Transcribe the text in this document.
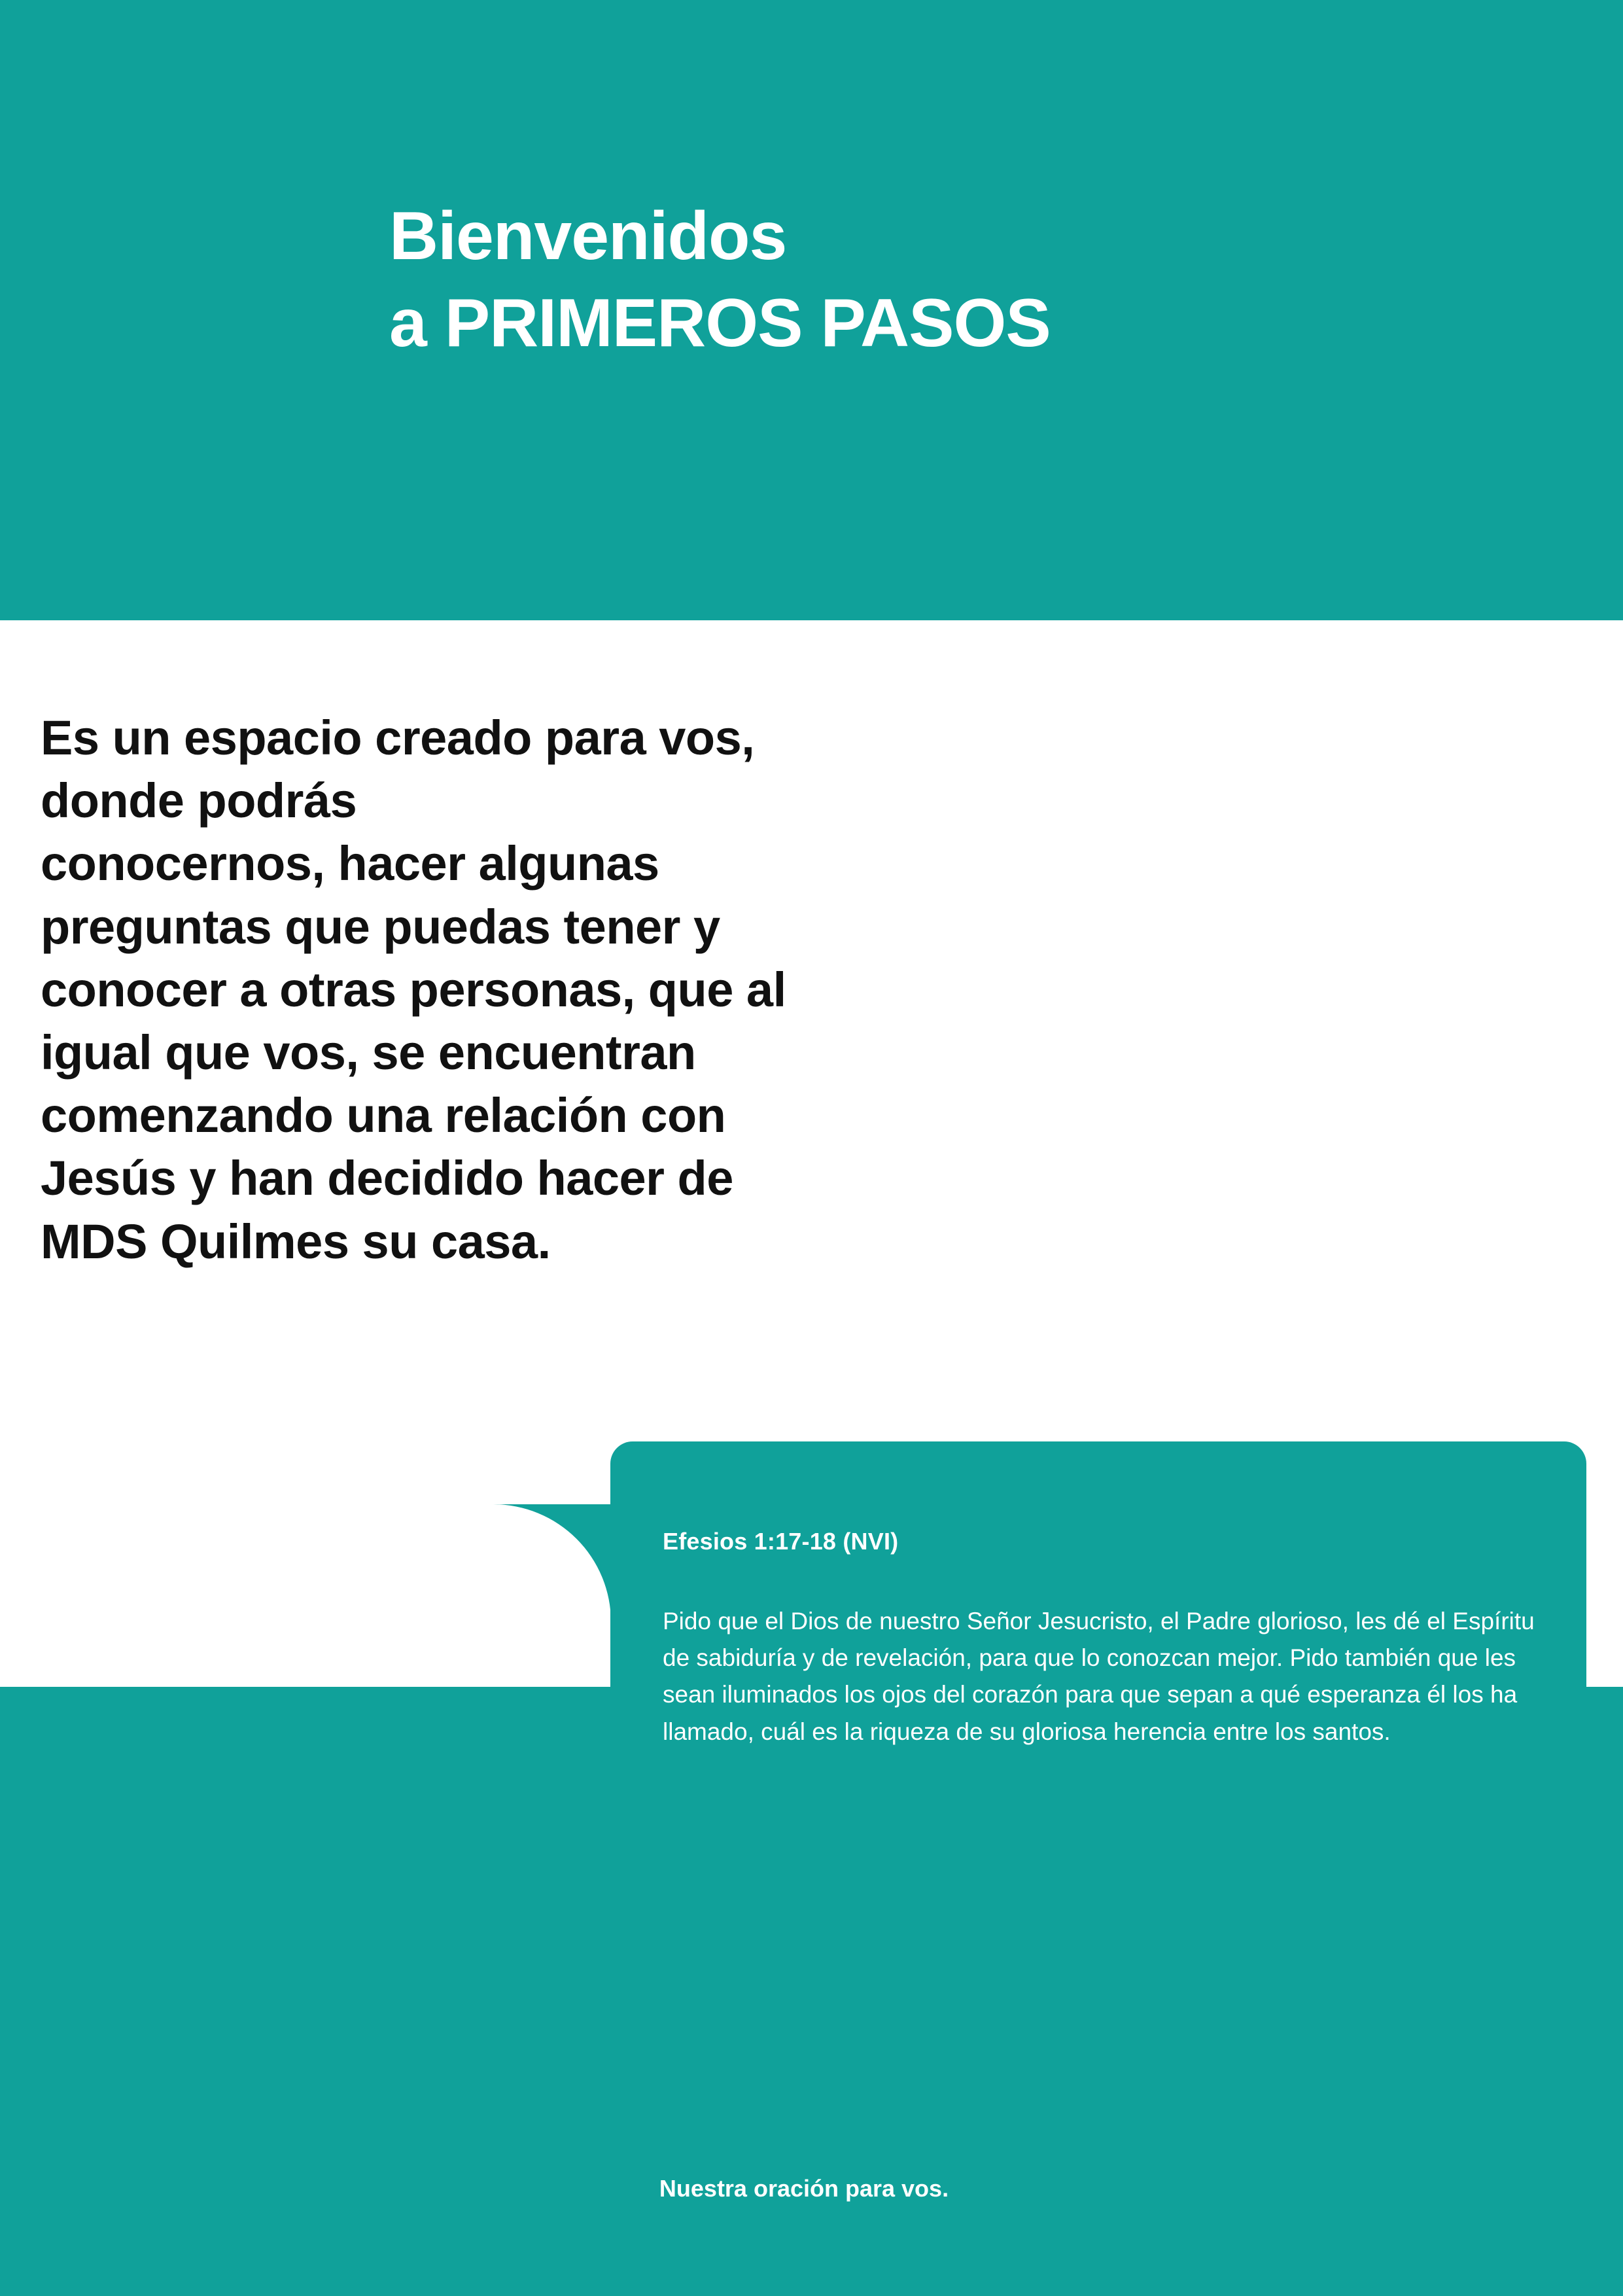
Bienvenidos
a PRIMEROS PASOS
Es un espacio creado para vos,
donde podrás
conocernos, hacer algunas
preguntas que puedas tener y
conocer a otras personas, que al
igual que vos, se encuentran
comenzando una relación con
Jesús y han decidido hacer de
MDS Quilmes su casa.
Efesios 1:17-18 (NVI)
Pido que el Dios de nuestro Señor Jesucristo, el Padre glorioso, les dé el Espíritu de sabiduría y de revelación, para que lo conozcan mejor. Pido también que les sean iluminados los ojos del corazón para que sepan a qué esperanza él los ha llamado, cuál es la riqueza de su gloriosa herencia entre los santos.
Nuestra oración para vos.
